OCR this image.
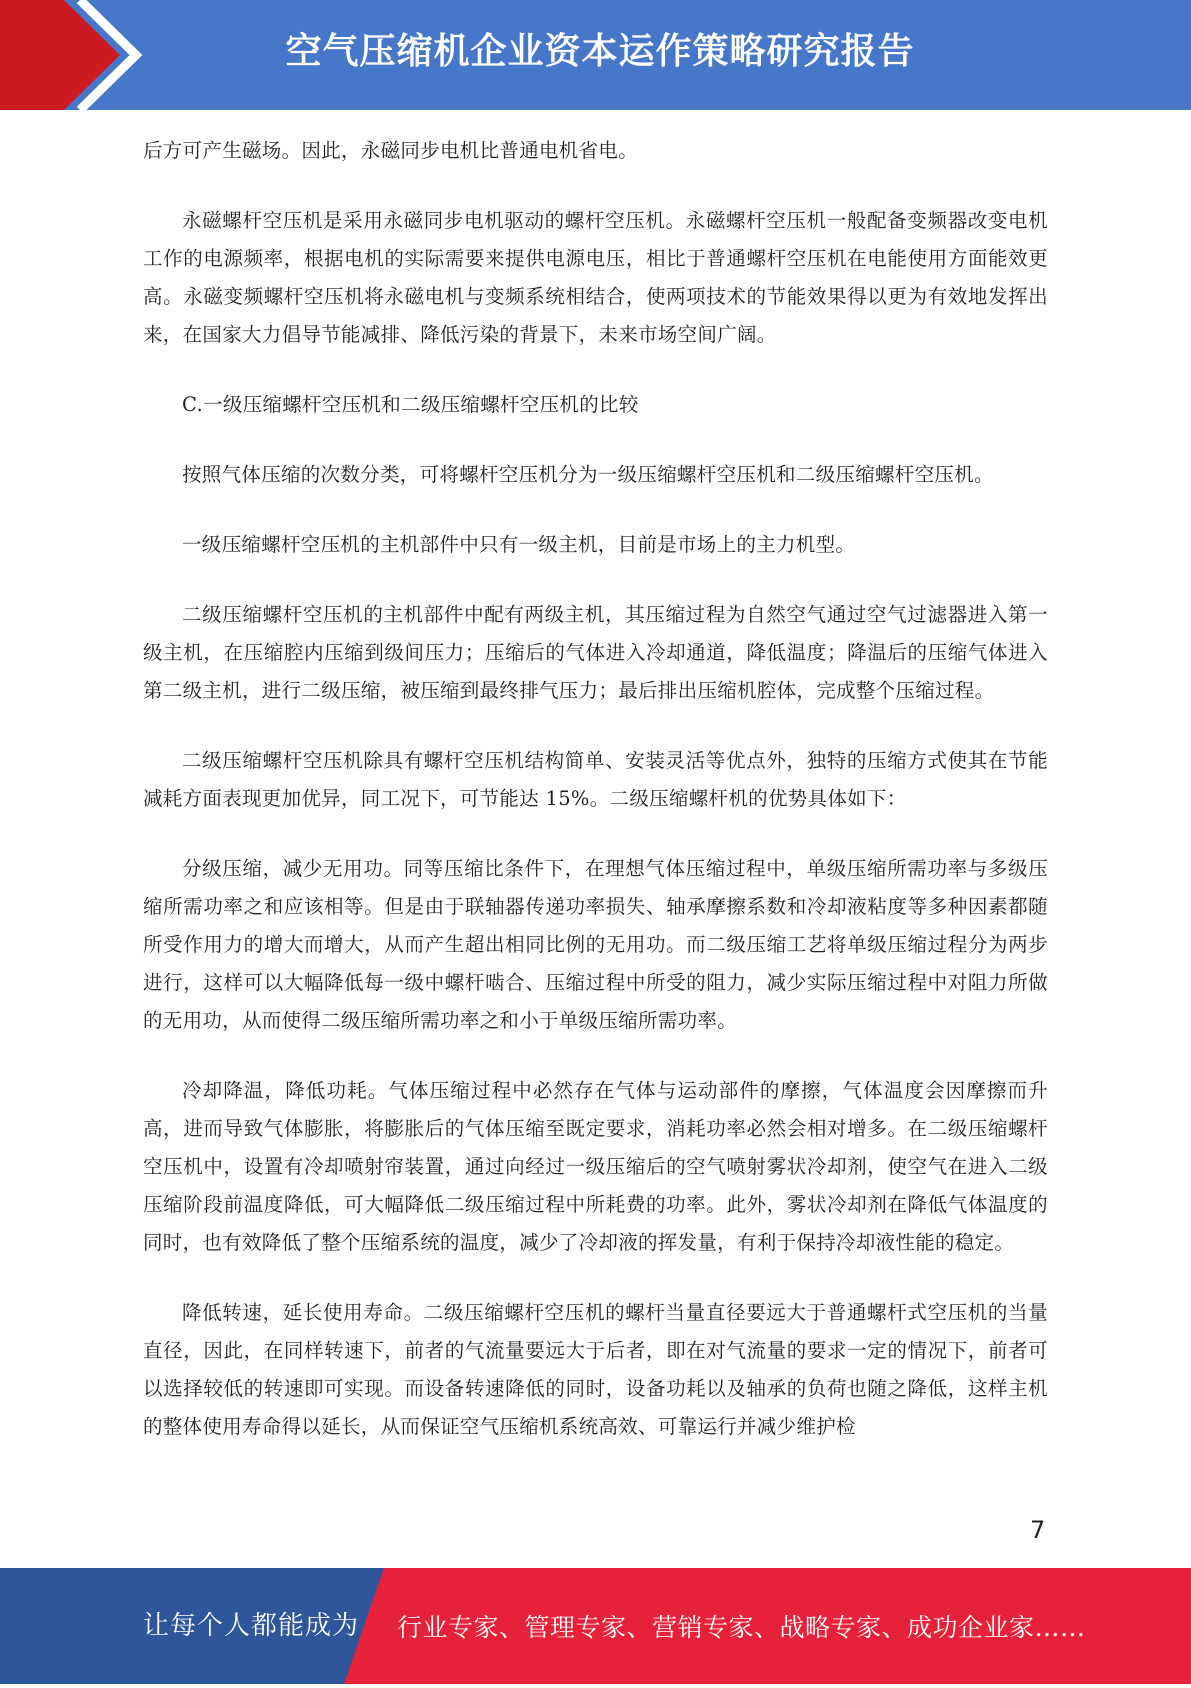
空气压缩机企业资本运作策略研究报告

后方可产生磁场。因此，永磁同步电机比普通电机省电。

永磁螺杆空压机是采用永磁同步电机驱动的螺杆空压机。永磁螺杆空压机一般配备变频器改变电机工作的电源频率，根据电机的实际需要来提供电源电压，相比于普通螺杆空压机在电能使用方面能效更高。永磁变频螺杆空压机将永磁电机与变频系统相结合，使两项技术的节能效果得以更为有效地发挥出来，在国家大力倡导节能减排、降低污染的背景下，未来市场空间广阔。

C.一级压缩螺杆空压机和二级压缩螺杆空压机的比较

按照气体压缩的次数分类，可将螺杆空压机分为一级压缩螺杆空压机和二级压缩螺杆空压机。

一级压缩螺杆空压机的主机部件中只有一级主机，目前是市场上的主力机型。

二级压缩螺杆空压机的主机部件中配有两级主机，其压缩过程为自然空气通过空气过滤器进入第一级主机，在压缩腔内压缩到级间压力；压缩后的气体进入冷却通道，降低温度；降温后的压缩气体进入第二级主机，进行二级压缩，被压缩到最终排气压力；最后排出压缩机腔体，完成整个压缩过程。

二级压缩螺杆空压机除具有螺杆空压机结构简单、安装灵活等优点外，独特的压缩方式使其在节能减耗方面表现更加优异，同工况下，可节能达 15%。二级压缩螺杆机的优势具体如下：

分级压缩，减少无用功。同等压缩比条件下，在理想气体压缩过程中，单级压缩所需功率与多级压缩所需功率之和应该相等。但是由于联轴器传递功率损失、轴承摩擦系数和冷却液粘度等多种因素都随所受作用力的增大而增大，从而产生超出相同比例的无用功。而二级压缩工艺将单级压缩过程分为两步进行，这样可以大幅降低每一级中螺杆啮合、压缩过程中所受的阻力，减少实际压缩过程中对阻力所做的无用功，从而使得二级压缩所需功率之和小于单级压缩所需功率。

冷却降温，降低功耗。气体压缩过程中必然存在气体与运动部件的摩擦，气体温度会因摩擦而升高，进而导致气体膨胀，将膨胀后的气体压缩至既定要求，消耗功率必然会相对增多。在二级压缩螺杆空压机中，设置有冷却喷射帘装置，通过向经过一级压缩后的空气喷射雾状冷却剂，使空气在进入二级压缩阶段前温度降低，可大幅降低二级压缩过程中所耗费的功率。此外，雾状冷却剂在降低气体温度的同时，也有效降低了整个压缩系统的温度，减少了冷却液的挥发量，有利于保持冷却液性能的稳定。

降低转速，延长使用寿命。二级压缩螺杆空压机的螺杆当量直径要远大于普通螺杆式空压机的当量直径，因此，在同样转速下，前者的气流量要远大于后者，即在对气流量的要求一定的情况下，前者可以选择较低的转速即可实现。而设备转速降低的同时，设备功耗以及轴承的负荷也随之降低，这样主机的整体使用寿命得以延长，从而保证空气压缩机系统高效、可靠运行并减少维护检

7
让每个人都能成为 行业专家、管理专家、营销专家、战略专家、成功企业家……
